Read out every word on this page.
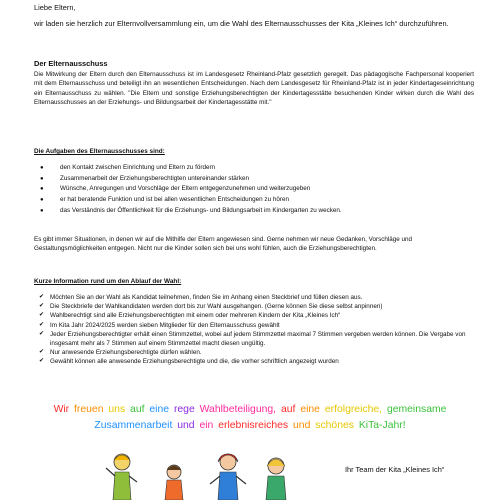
Liebe Eltern,
wir laden sie herzlich zur Elternvollversammlung ein, um die Wahl des Elternausschusses der Kita „Kleines Ich“ durchzuführen.
Der Elternausschuss
Die Mitwirkung der Eltern durch den Elternausschuss ist im Landesgesetz Rheinland-Pfalz gesetzlich geregelt. Das pädagogische Fachpersonal kooperiert mit dem Elternausschuss und beteiligt ihn an wesentlichen Entscheidungen. Nach dem Landesgesetz für Rheinland-Pfalz ist in jeder Kindertageseinrichtung ein Elternausschuss zu wählen. "Die Eltern und sonstige Erziehungsberechtigten der Kindertagesstätte besuchenden Kinder wirken durch die Wahl des Elternausschusses an der Erziehungs- und Bildungsarbeit der Kindertagesstätte mit."
Die Aufgaben des Elternausschusses sind:
●	den Kontakt zwischen Einrichtung und Eltern zu fördern
●	Zusammenarbeit der Erziehungsberechtigten untereinander stärken
●	Wünsche, Anregungen und Vorschläge der Eltern entgegenzunehmen und weiterzugeben
●	er hat beratende Funktion und ist bei allen wesentlichen Entscheidungen zu hören
●	das Verständnis der Öffentlichkeit für die Erziehungs- und Bildungsarbeit im Kindergarten zu wecken.
Es gibt immer Situationen, in denen wir auf die Mithilfe der Eltern angewiesen sind. Gerne nehmen wir neue Gedanken, Vorschläge und Gestaltungsmöglichkeiten entgegen. Nicht nur die Kinder sollen sich bei uns wohl fühlen, auch die Erziehungsberechtigten.
Kurze Information rund um den Ablauf der Wahl:
✔ Möchten Sie an der Wahl als Kandidat teilnehmen, finden Sie im Anhang einen Steckbrief und füllen diesen aus.
✔ Die Steckbriefe der Wahlkandidaten werden dort bis zur Wahl ausgehangen. (Gerne können Sie diese selbst anpinnen)
✔ Wahlberechtigt sind alle Erziehungsberechtigten mit einem oder mehreren Kindern der Kita „Kleines Ich“
✔ Im Kita Jahr 2024/2025 werden sieben Mitglieder für den Elternausschuss gewählt
✔ Jeder Erziehungsberechtigter erhält einen Stimmzettel, wobei auf jedem Stimmzettel maximal 7 Stimmen vergeben werden können. Die Vergabe von insgesamt mehr als 7 Stimmen auf einem Stimmzettel macht diesen ungültig.
✔ Nur anwesende Erziehungsberechtigte dürfen wählen.
✔ Gewählt können alle anwesende Erziehungsberechtigte und die, die vorher schriftlich angezeigt wurden
Wir freuen uns auf eine rege Wahlbeteiligung, auf eine erfolgreiche, gemeinsame
Zusammenarbeit und ein erlebnisreiches und schönes KiTa-Jahr!
Ihr Team der Kita „Kleines Ich“
